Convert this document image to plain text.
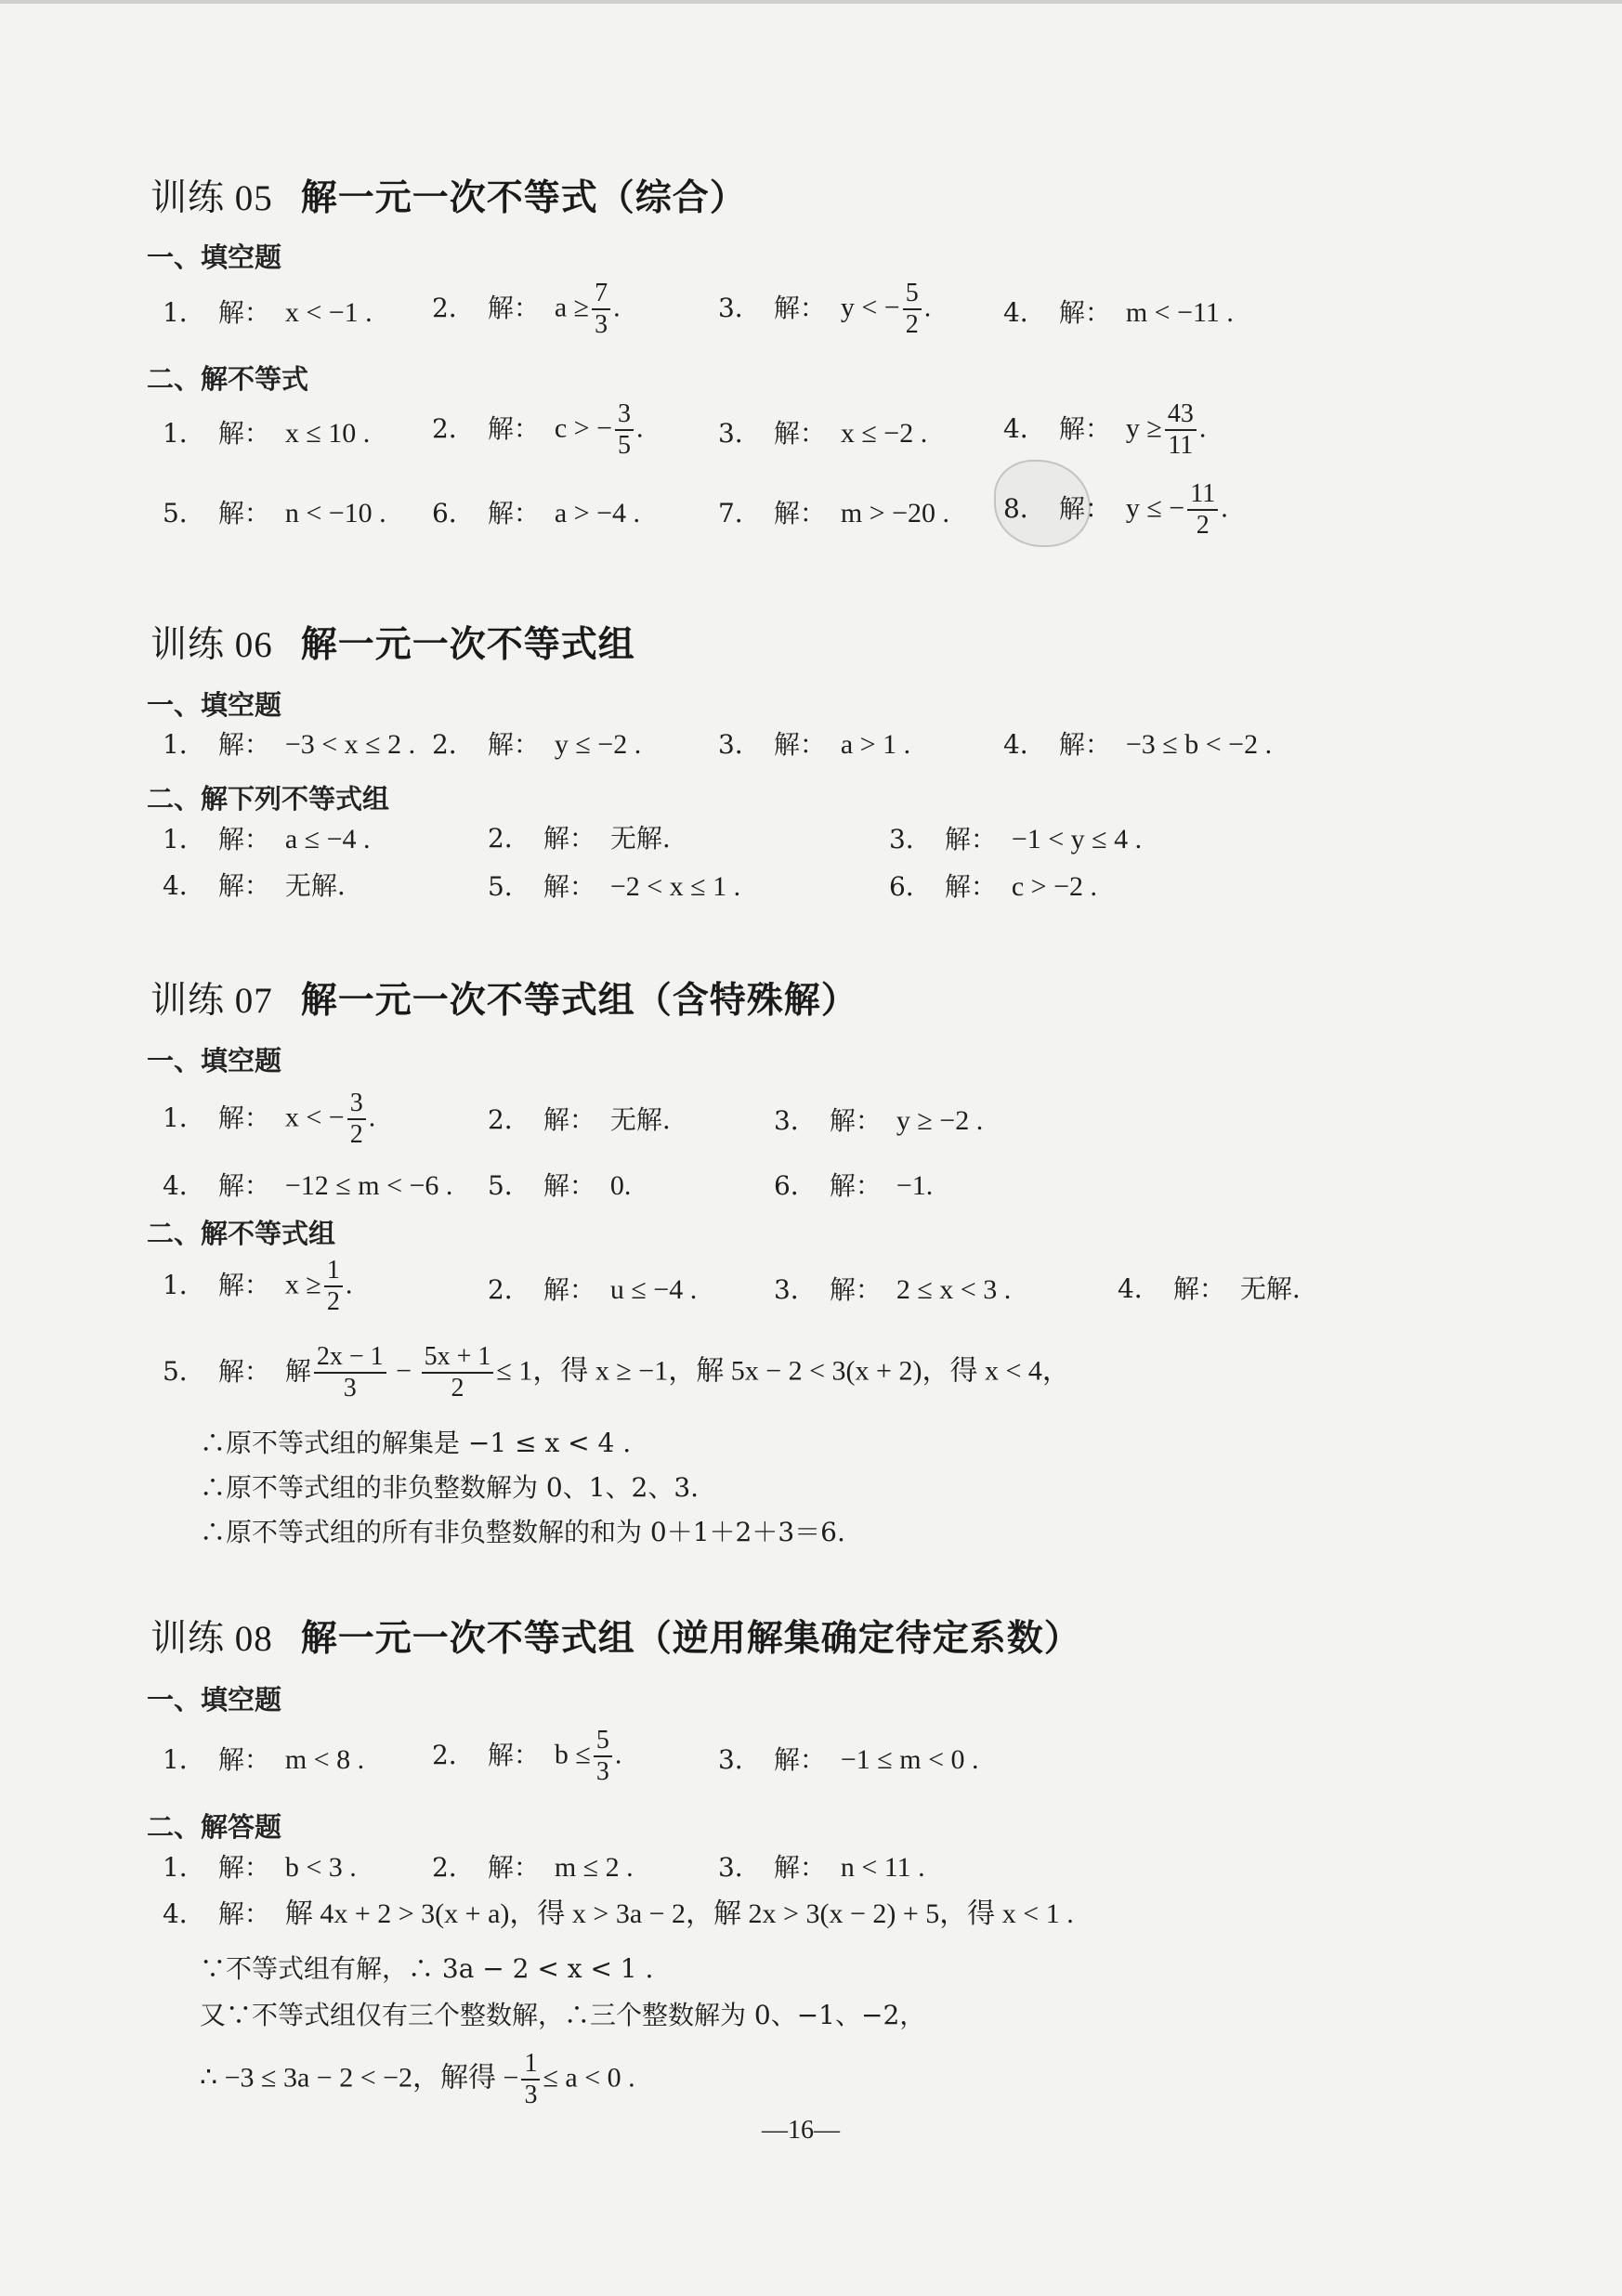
训练 05 解一元一次不等式（综合）
一、填空题
1． 解： x < −1 . 2． 解： $a \ge \frac{7}{3}$ .	3． 解： y < − $\frac{5}{2}$ .	4． 解： m < −11 .
二、解不等式
1． 解： x ≤ 10 . 2． 解： c > − $\frac{3}{5}$ .	3． 解： x ≤ −2 .	4． 解： $y \ge \frac{43}{11}$ .
5． 解： n < −10 . 6． 解： a > −4 .	7． 解： m > −20 . 8． 解： y ≤ − $\frac{11}{2}$ .
训练 06 解一元一次不等式组
一、填空题
1． 解： −3 < x ≤ 2 . 2． 解： y ≤ −2 .	3． 解： a > 1 .	4． 解： −3 ≤ b < −2 .
二、解下列不等式组
1． 解： a ≤ −4 .	2． 解： 无解.	3． 解： −1 < y ≤ 4 .
4． 解： 无解.	5． 解： −2 < x ≤ 1 .	6． 解： c > −2 .
训练 07 解一元一次不等式组（含特殊解）
一、填空题
1． 解： x < − $\frac{3}{2}$ .	2． 解： 无解.	3． 解： y ≥ −2 .
4． 解： −12 ≤ m < −6 . 5． 解： 0.	6． 解： −1.
二、解不等式组
1． 解： $x \ge \frac{1}{2}$ .	2． 解： u ≤ −4 .	3． 解： 2 ≤ x < 3 .	4． 解： 无解.
5． 解： 解 $\frac{2x - 1}{3} - \frac{5x + 1}{2} \le 1$，得 x ≥ −1，解 5x − 2 < 3(x + 2)，得 x < 4，
∴原不等式组的解集是 −1 ≤ x < 4 .
∴原不等式组的非负整数解为 0、1、2、3.
∴原不等式组的所有非负整数解的和为 0＋1＋2＋3＝6.
训练 08 解一元一次不等式组（逆用解集确定待定系数）
一、填空题
1． 解： m < 8 .	2． 解： $b \le \frac{5}{3}$ .	3． 解： −1 ≤ m < 0 .
二、解答题
1． 解： b < 3 .	2． 解： m ≤ 2 .	3． 解： n < 11 .
4． 解： 解 4x + 2 > 3(x + a)，得 x > 3a − 2，解 2x > 3(x − 2) + 5，得 x < 1 .
∵不等式组有解，∴ 3a − 2 < x < 1 .
又∵不等式组仅有三个整数解，∴三个整数解为 0、−1、−2，
∴ −3 ≤ 3a − 2 < −2，解得 − $\frac{1}{3} \le a < 0$ .
—16—
